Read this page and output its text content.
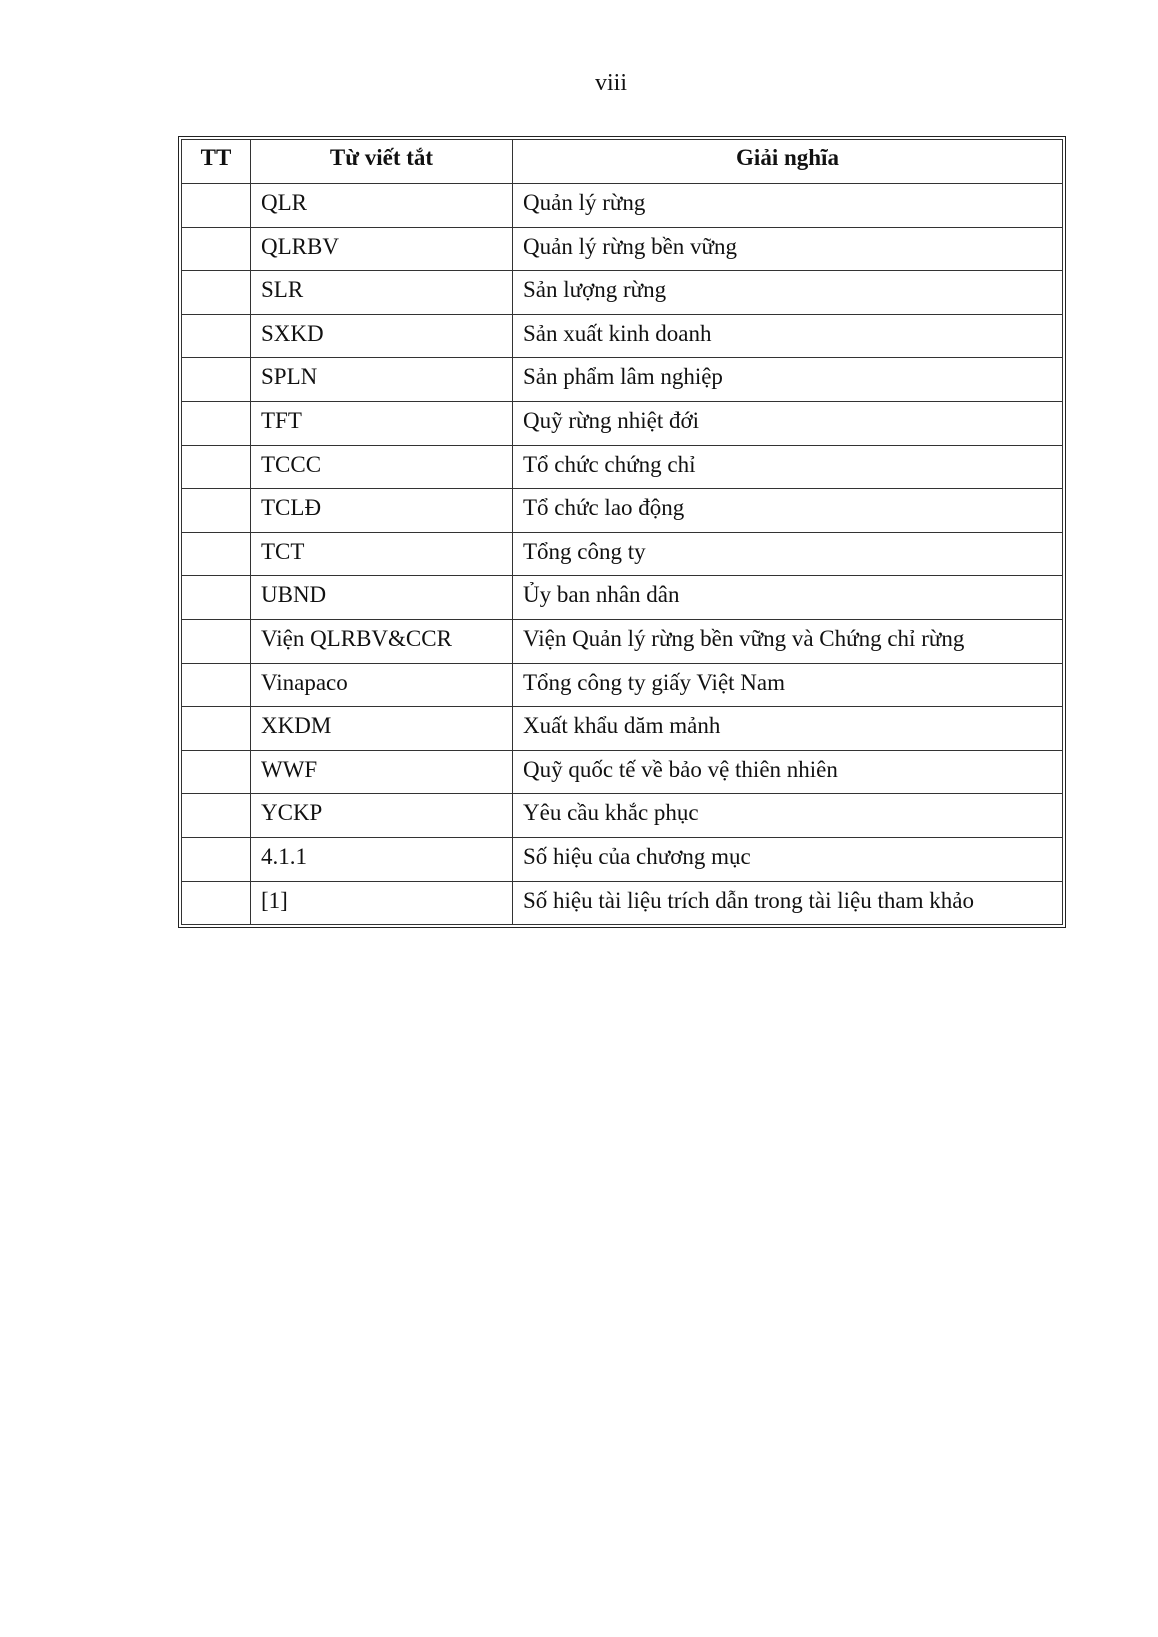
viii
TT	Từ viết tắt	Giải nghĩa
	QLR	Quản lý rừng
	QLRBV	Quản lý rừng bền vững
	SLR	Sản lượng rừng
	SXKD	Sản xuất kinh doanh
	SPLN	Sản phẩm lâm nghiệp
	TFT	Quỹ rừng nhiệt đới
	TCCC	Tổ chức chứng chỉ
	TCLĐ	Tổ chức lao động
	TCT	Tổng công ty
	UBND	Ủy ban nhân dân
	Viện QLRBV&CCR	Viện Quản lý rừng bền vững và Chứng chỉ rừng
	Vinapaco	Tổng công ty giấy Việt Nam
	XKDM	Xuất khẩu dăm mảnh
	WWF	Quỹ quốc tế về bảo vệ thiên nhiên
	YCKP	Yêu cầu khắc phục
	4.1.1	Số hiệu của chương mục
	[1]	Số hiệu tài liệu trích dẫn trong tài liệu tham khảo
